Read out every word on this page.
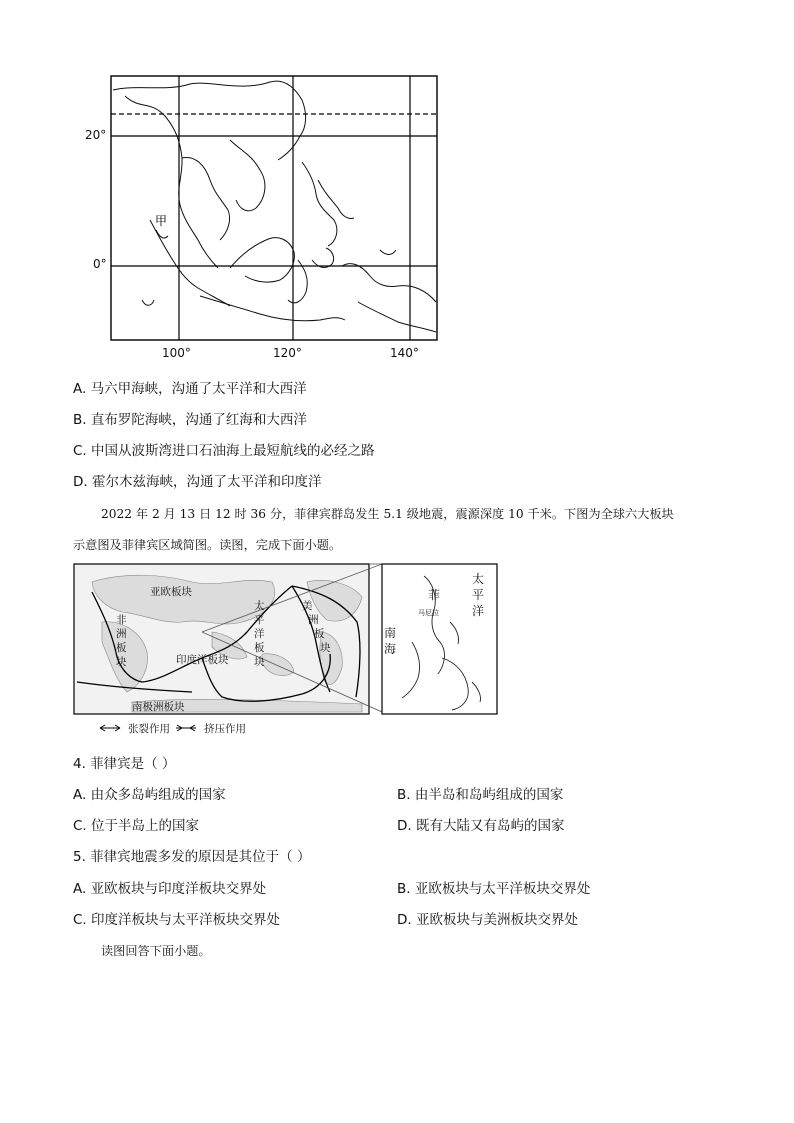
甲
20°
0°
100°	120°	140°
A. 马六甲海峡，沟通了太平洋和大西洋
B. 直布罗陀海峡，沟通了红海和大西洋
C. 中国从波斯湾进口石油海上最短航线的必经之路
D. 霍尔木兹海峡，沟通了太平洋和印度洋
2022 年 2 月 13 日 12 时 36 分，菲律宾群岛发生 5.1 级地震，震源深度 10 千米。下图为全球六大板块
示意图及菲律宾区域简图。读图，完成下面小题。
亚欧板块
非
洲
板
块	印度洋板块
太
平
洋
板
块
美
洲
板
块
南极洲板块
张裂作用	挤压作用
太
平
洋
南
海
菲
马尼拉
4. 菲律宾是（ ）
A. 由众多岛屿组成的国家	B. 由半岛和岛屿组成的国家
C. 位于半岛上的国家	D. 既有大陆又有岛屿的国家
5. 菲律宾地震多发的原因是其位于（ ）
A. 亚欧板块与印度洋板块交界处	B. 亚欧板块与太平洋板块交界处
C. 印度洋板块与太平洋板块交界处	D. 亚欧板块与美洲板块交界处
读图回答下面小题。
